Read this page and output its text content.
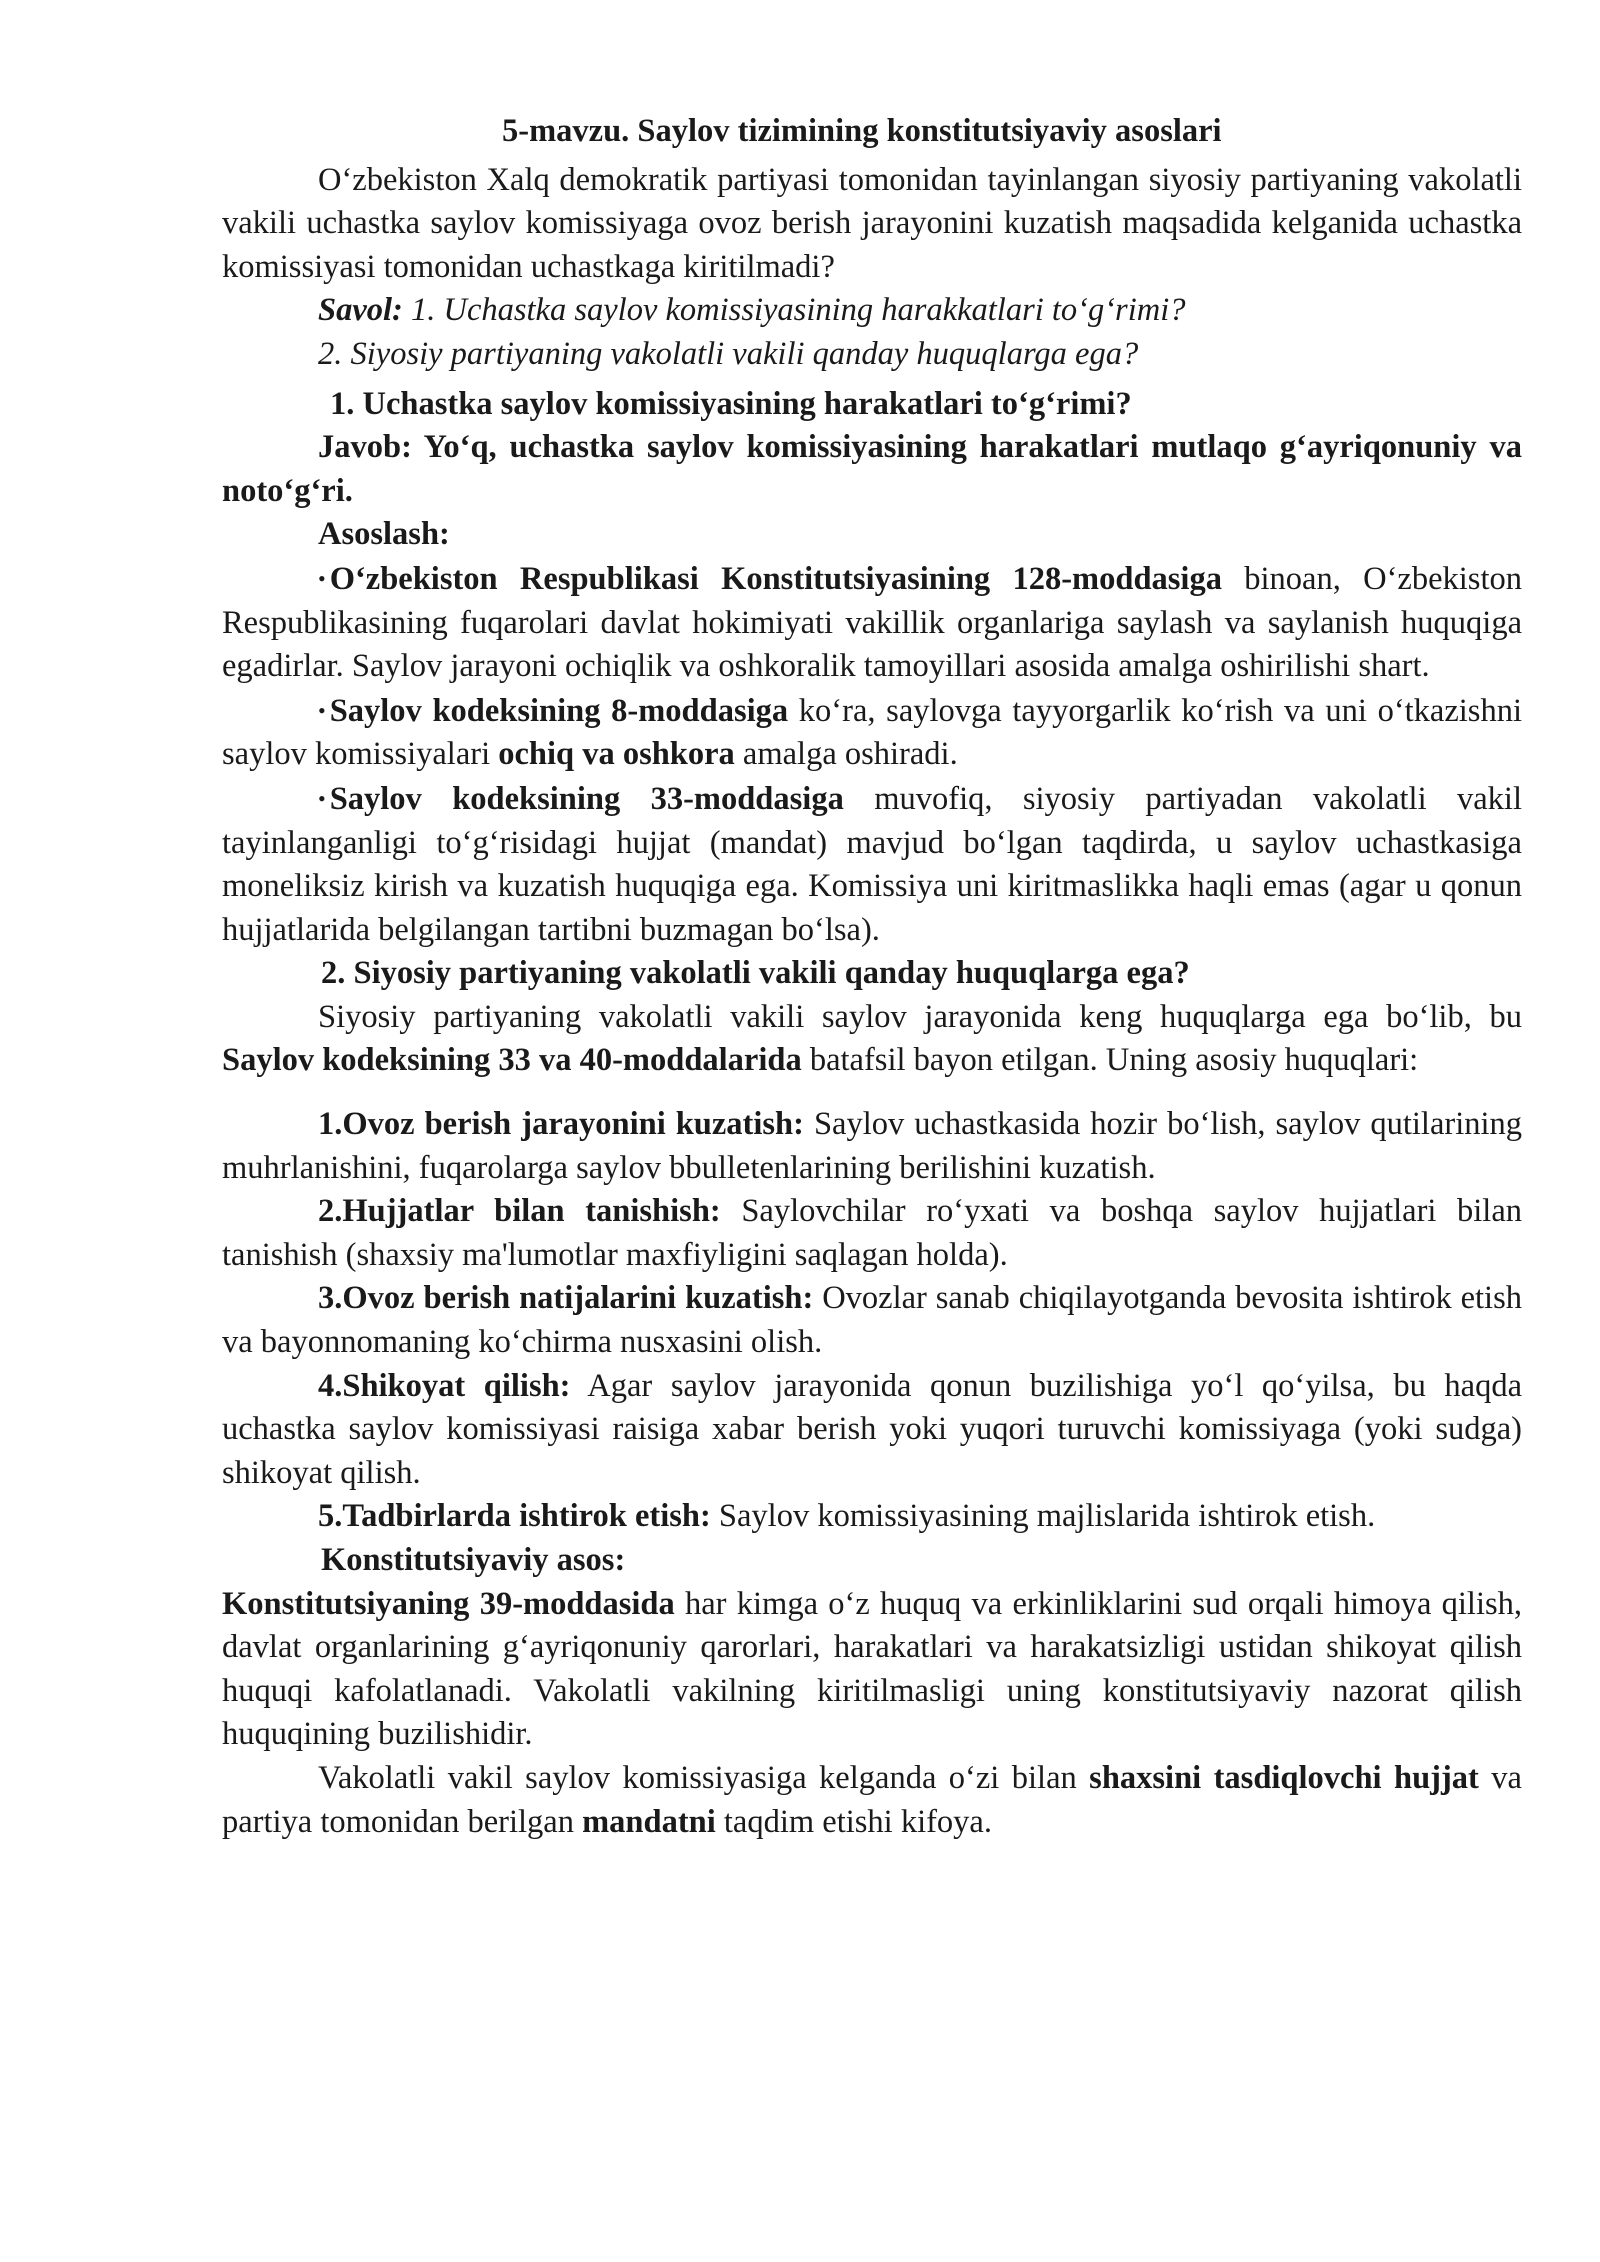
5-mavzu. Saylov tizimining konstitutsiyaviy asoslari

O‘zbekiston Xalq demokratik partiyasi tomonidan tayinlangan siyosiy partiyaning vakolatli vakili uchastka saylov komissiyaga ovoz berish jarayonini kuzatish maqsadida kelganida uchastka komissiyasi tomonidan uchastkaga kiritilmadi?

Savol: 1. Uchastka saylov komissiyasining harakkatlari to‘g‘rimi?

2. Siyosiy partiyaning vakolatli vakili qanday huquqlarga ega?

1. Uchastka saylov komissiyasining harakatlari to‘g‘rimi?

Javob: Yo‘q, uchastka saylov komissiyasining harakatlari mutlaqo g‘ayriqonuniy va noto‘g‘ri.

Asoslash:

• O‘zbekiston Respublikasi Konstitutsiyasining 128-moddasiga binoan, O‘zbekiston Respublikasining fuqarolari davlat hokimiyati vakillik organlariga saylash va saylanish huquqiga egadirlar. Saylov jarayoni ochiqlik va oshkoralik tamoyillari asosida amalga oshirilishi shart.

• Saylov kodeksining 8-moddasiga ko‘ra, saylovga tayyorgarlik ko‘rish va uni o‘tkazishni saylov komissiyalari ochiq va oshkora amalga oshiradi.

• Saylov kodeksining 33-moddasiga muvofiq, siyosiy partiyadan vakolatli vakil tayinlanganligi to‘g‘risidagi hujjat (mandat) mavjud bo‘lgan taqdirda, u saylov uchastkasiga moneliksiz kirish va kuzatish huquqiga ega. Komissiya uni kiritmaslikka haqli emas (agar u qonun hujjatlarida belgilangan tartibni buzmagan bo‘lsa).

2. Siyosiy partiyaning vakolatli vakili qanday huquqlarga ega?

Siyosiy partiyaning vakolatli vakili saylov jarayonida keng huquqlarga ega bo‘lib, bu Saylov kodeksining 33 va 40-moddalarida batafsil bayon etilgan. Uning asosiy huquqlari:

1.Ovoz berish jarayonini kuzatish: Saylov uchastkasida hozir bo‘lish, saylov qutilarining muhrlanishini, fuqarolarga saylov bbulletenlarining berilishini kuzatish.

2.Hujjatlar bilan tanishish: Saylovchilar ro‘yxati va boshqa saylov hujjatlari bilan tanishish (shaxsiy ma'lumotlar maxfiyligini saqlagan holda).

3.Ovoz berish natijalarini kuzatish: Ovozlar sanab chiqilayotganda bevosita ishtirok etish va bayonnomaning ko‘chirma nusxasini olish.

4.Shikoyat qilish: Agar saylov jarayonida qonun buzilishiga yo‘l qo‘yilsa, bu haqda uchastka saylov komissiyasi raisiga xabar berish yoki yuqori turuvchi komissiyaga (yoki sudga) shikoyat qilish.

5.Tadbirlarda ishtirok etish: Saylov komissiyasining majlislarida ishtirok etish.

Konstitutsiyaviy asos:

Konstitutsiyaning 39-moddasida har kimga o‘z huquq va erkinliklarini sud orqali himoya qilish, davlat organlarining g‘ayriqonuniy qarorlari, harakatlari va harakatsizligi ustidan shikoyat qilish huquqi kafolatlanadi. Vakolatli vakilning kiritilmasligi uning konstitutsiyaviy nazorat qilish huquqining buzilishidir.

Vakolatli vakil saylov komissiyasiga kelganda o‘zi bilan shaxsini tasdiqlovchi hujjat va partiya tomonidan berilgan mandatni taqdim etishi kifoya.
